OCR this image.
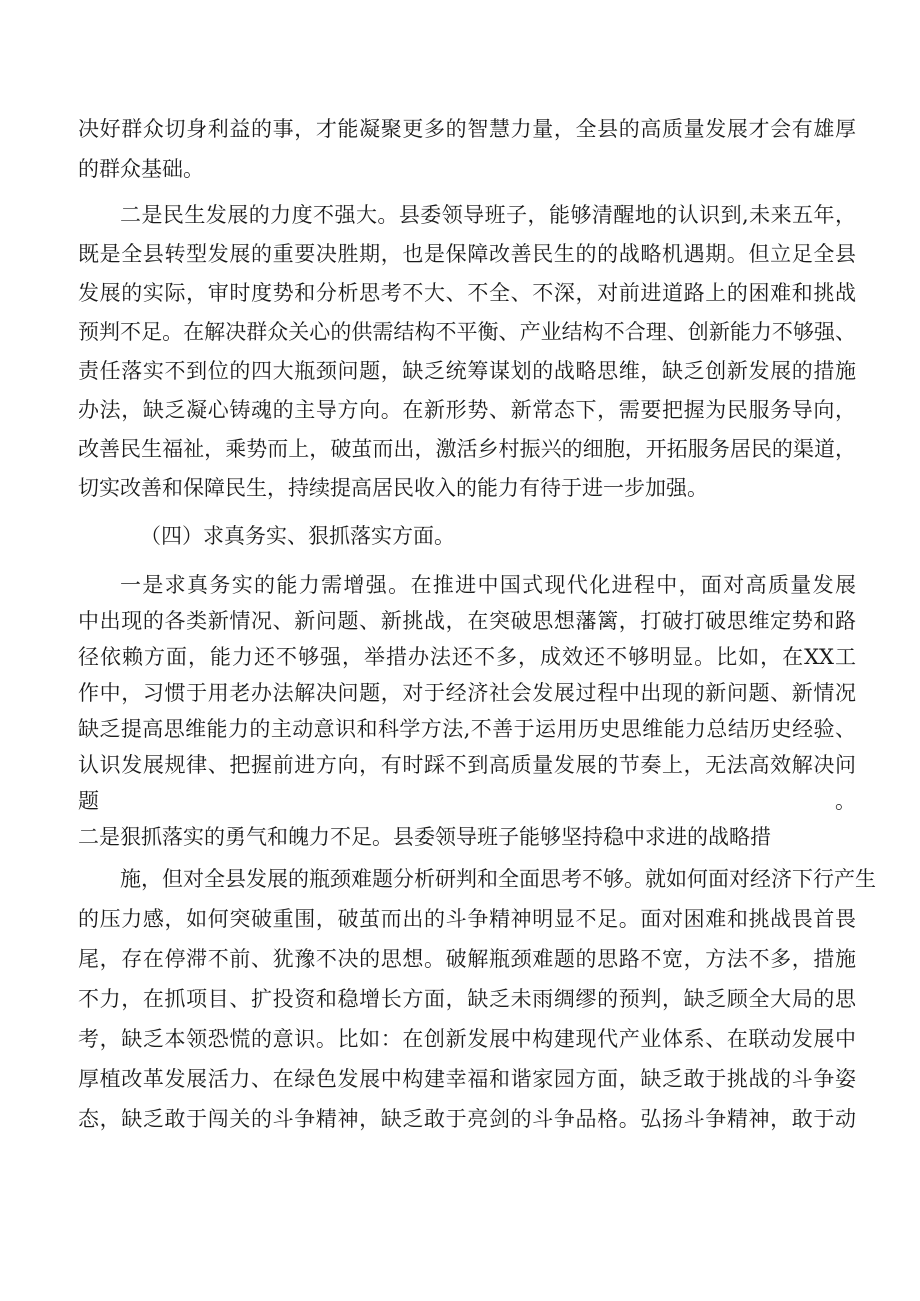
决好群众切身利益的事，才能凝聚更多的智慧力量，全县的高质量发展才会有雄厚
的群众基础。
二是民生发展的力度不强大。县委领导班子，能够清醒地的认识到,未来五年，
既是全县转型发展的重要决胜期，也是保障改善民生的的战略机遇期。但立足全县
发展的实际，审时度势和分析思考不大、不全、不深，对前进道路上的困难和挑战
预判不足。在解决群众关心的供需结构不平衡、产业结构不合理、创新能力不够强、
责任落实不到位的四大瓶颈问题，缺乏统筹谋划的战略思维，缺乏创新发展的措施
办法，缺乏凝心铸魂的主导方向。在新形势、新常态下，需要把握为民服务导向，
改善民生福祉，乘势而上，破茧而出，激活乡村振兴的细胞，开拓服务居民的渠道，
切实改善和保障民生，持续提高居民收入的能力有待于进一步加强。
（四）求真务实、狠抓落实方面。
一是求真务实的能力需增强。在推进中国式现代化进程中，面对高质量发展
中出现的各类新情况、新问题、新挑战，在突破思想藩篱，打破打破思维定势和路
径依赖方面，能力还不够强，举措办法还不多，成效还不够明显。比如，在XX工
作中，习惯于用老办法解决问题，对于经济社会发展过程中出现的新问题、新情况
缺乏提高思维能力的主动意识和科学方法,不善于运用历史思维能力总结历史经验、
认识发展规律、把握前进方向，有时踩不到高质量发展的节奏上，无法高效解决问
题。
二是狠抓落实的勇气和魄力不足。县委领导班子能够坚持稳中求进的战略措
施，但对全县发展的瓶颈难题分析研判和全面思考不够。就如何面对经济下行产生
的压力感，如何突破重围，破茧而出的斗争精神明显不足。面对困难和挑战畏首畏
尾，存在停滞不前、犹豫不决的思想。破解瓶颈难题的思路不宽，方法不多，措施
不力，在抓项目、扩投资和稳增长方面，缺乏未雨绸缪的预判，缺乏顾全大局的思
考，缺乏本领恐慌的意识。比如：在创新发展中构建现代产业体系、在联动发展中
厚植改革发展活力、在绿色发展中构建幸福和谐家园方面，缺乏敢于挑战的斗争姿
态，缺乏敢于闯关的斗争精神，缺乏敢于亮剑的斗争品格。弘扬斗争精神，敢于动
